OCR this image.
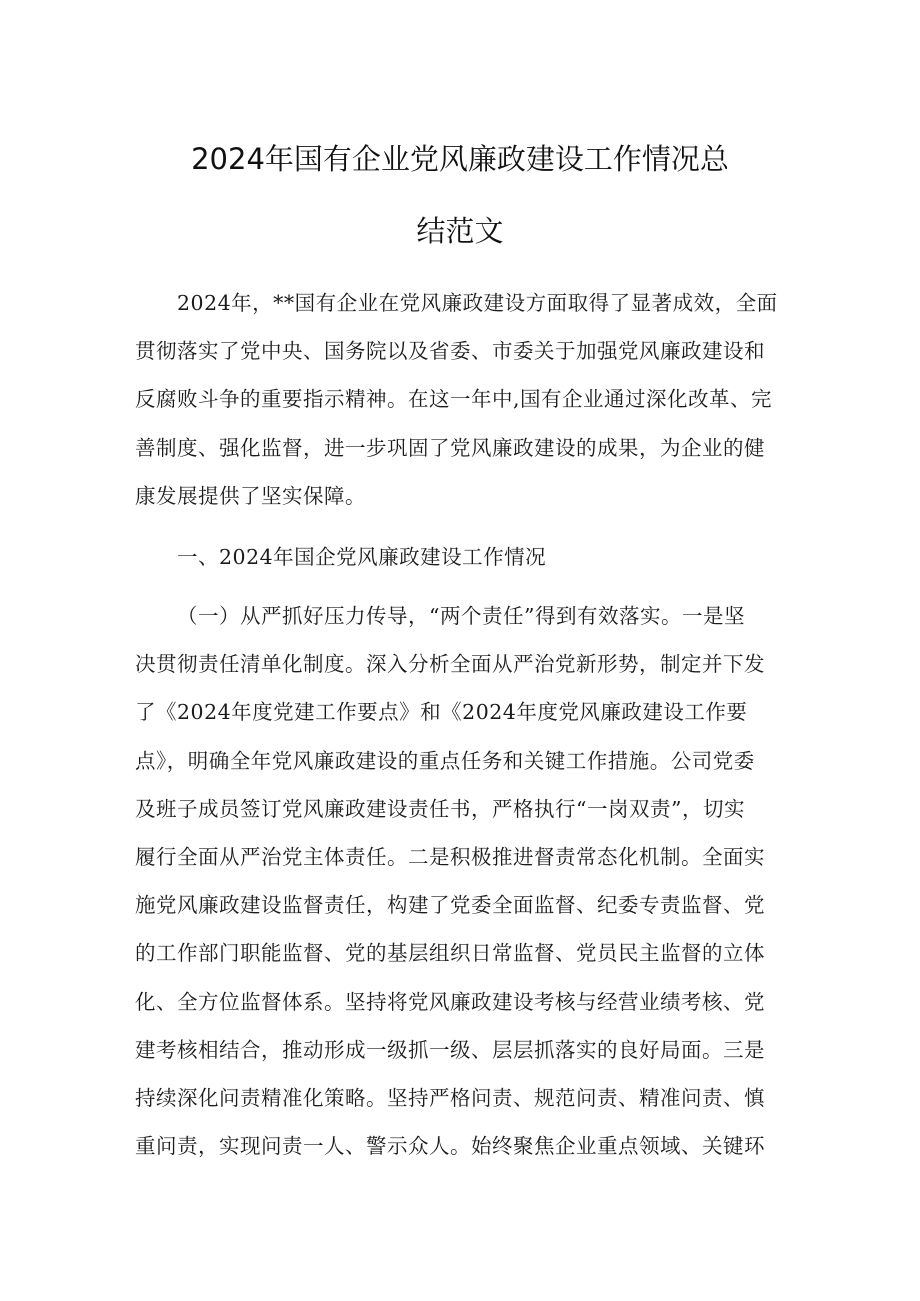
2024年国有企业党风廉政建设工作情况总
结范文
2024年，**国有企业在党风廉政建设方面取得了显著成效，全面
贯彻落实了党中央、国务院以及省委、市委关于加强党风廉政建设和
反腐败斗争的重要指示精神。在这一年中,国有企业通过深化改革、完
善制度、强化监督，进一步巩固了党风廉政建设的成果，为企业的健
康发展提供了坚实保障。
一、2024年国企党风廉政建设工作情况
（一）从严抓好压力传导，“两个责任”得到有效落实。一是坚
决贯彻责任清单化制度。深入分析全面从严治党新形势，制定并下发
了《2024年度党建工作要点》和《2024年度党风廉政建设工作要
点》，明确全年党风廉政建设的重点任务和关键工作措施。公司党委
及班子成员签订党风廉政建设责任书，严格执行“一岗双责”，切实
履行全面从严治党主体责任。二是积极推进督责常态化机制。全面实
施党风廉政建设监督责任，构建了党委全面监督、纪委专责监督、党
的工作部门职能监督、党的基层组织日常监督、党员民主监督的立体
化、全方位监督体系。坚持将党风廉政建设考核与经营业绩考核、党
建考核相结合，推动形成一级抓一级、层层抓落实的良好局面。三是
持续深化问责精准化策略。坚持严格问责、规范问责、精准问责、慎
重问责，实现问责一人、警示众人。始终聚焦企业重点领域、关键环
